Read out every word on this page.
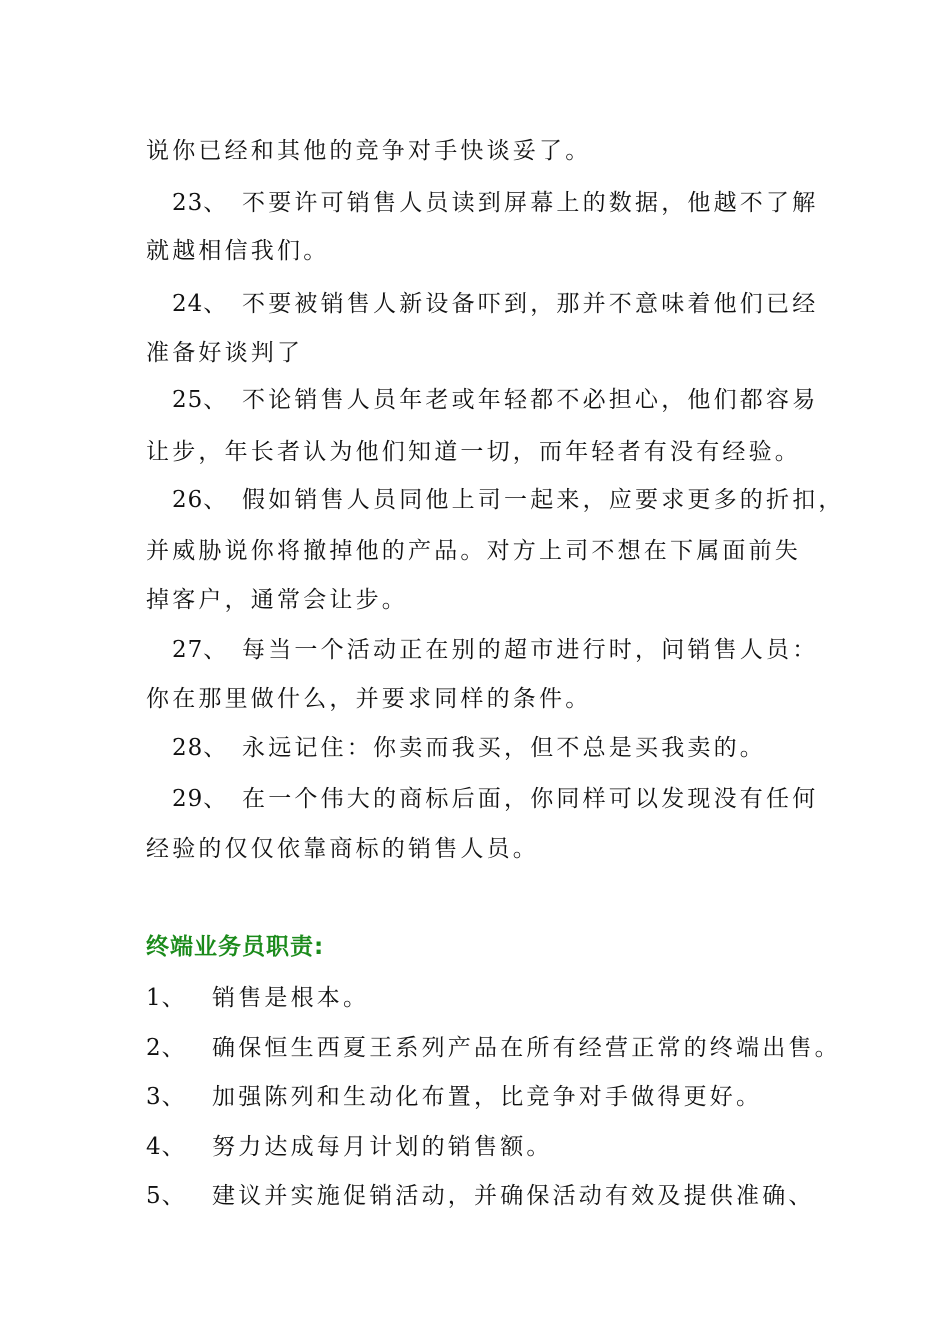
说你已经和其他的竞争对手快谈妥了。
23、 不要许可销售人员读到屏幕上的数据，他越不了解
就越相信我们。
24、 不要被销售人新设备吓到，那并不意味着他们已经
准备好谈判了
25、 不论销售人员年老或年轻都不必担心，他们都容易
让步，年长者认为他们知道一切，而年轻者有没有经验。
26、 假如销售人员同他上司一起来，应要求更多的折扣，
并威胁说你将撤掉他的产品。对方上司不想在下属面前失
掉客户，通常会让步。
27、 每当一个活动正在别的超市进行时，问销售人员：
你在那里做什么，并要求同样的条件。
28、 永远记住：你卖而我买，但不总是买我卖的。
29、 在一个伟大的商标后面，你同样可以发现没有任何
经验的仅仅依靠商标的销售人员。
终端业务员职责:
1、 销售是根本。
2、 确保恒生西夏王系列产品在所有经营正常的终端出售。
3、 加强陈列和生动化布置，比竞争对手做得更好。
4、 努力达成每月计划的销售额。
5、 建议并实施促销活动，并确保活动有效及提供准确、
